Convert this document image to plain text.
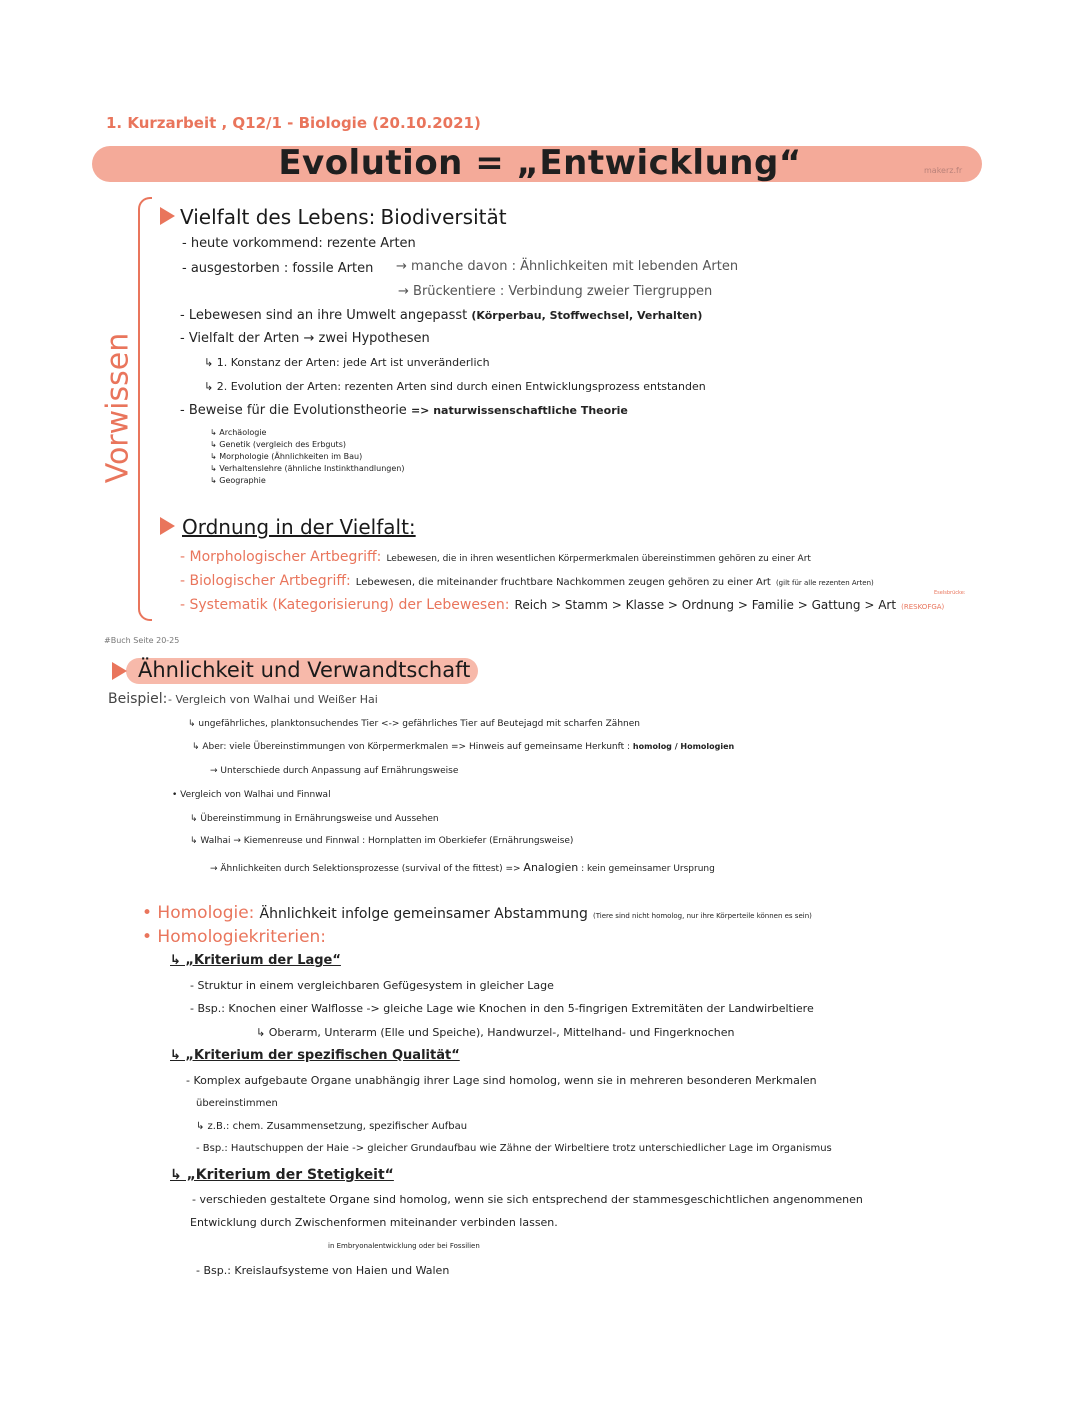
1. Kurzarbeit , Q12/1 - Biologie (20.10.2021)
Evolution = „Entwicklung“	makerz.fr
Vorwissen
Vielfalt des Lebens: Biodiversität
- heute vorkommend: rezente Arten
- ausgestorben : fossile Arten → manche davon : Ähnlichkeiten mit lebenden Arten
→ Brückentiere : Verbindung zweier Tiergruppen
- Lebewesen sind an ihre Umwelt angepasst (Körperbau, Stoffwechsel, Verhalten)
- Vielfalt der Arten → zwei Hypothesen
↳ 1. Konstanz der Arten: jede Art ist unveränderlich
↳ 2. Evolution der Arten: rezenten Arten sind durch einen Entwicklungsprozess entstanden
- Beweise für die Evolutionstheorie => naturwissenschaftliche Theorie
↳ Archäologie
↳ Genetik (vergleich des Erbguts)
↳ Morphologie (Ähnlichkeiten im Bau)
↳ Verhaltenslehre (ähnliche Instinkthandlungen)
↳ Geographie
Ordnung in der Vielfalt:
- Morphologischer Artbegriff: Lebewesen, die in ihren wesentlichen Körpermerkmalen übereinstimmen gehören zu einer Art
- Biologischer Artbegriff: Lebewesen, die miteinander fruchtbare Nachkommen zeugen gehören zu einer Art (gilt für alle rezenten Arten)
- Systematik (Kategorisierung) der Lebewesen: Reich > Stamm > Klasse > Ordnung > Familie > Gattung > Art (RESKOFGA)
Eselsbrücke:
#Buch Seite 20-25
Ähnlichkeit und Verwandtschaft
Beispiel: - Vergleich von Walhai und Weißer Hai
↳ ungefährliches, planktonsuchendes Tier <-> gefährliches Tier auf Beutejagd mit scharfen Zähnen
↳ Aber: viele Übereinstimmungen von Körpermerkmalen => Hinweis auf gemeinsame Herkunft : homolog / Homologien
→ Unterschiede durch Anpassung auf Ernährungsweise
• Vergleich von Walhai und Finnwal
↳ Übereinstimmung in Ernährungsweise und Aussehen
↳ Walhai → Kiemenreuse und Finnwal : Hornplatten im Oberkiefer (Ernährungsweise)
→ Ähnlichkeiten durch Selektionsprozesse (survival of the fittest) => Analogien : kein gemeinsamer Ursprung
• Homologie: Ähnlichkeit infolge gemeinsamer Abstammung (Tiere sind nicht homolog, nur ihre Körperteile können es sein)
• Homologiekriterien:
↳ „Kriterium der Lage“
- Struktur in einem vergleichbaren Gefügesystem in gleicher Lage
- Bsp.: Knochen einer Walflosse -> gleiche Lage wie Knochen in den 5-fingrigen Extremitäten der Landwirbeltiere
↳ Oberarm, Unterarm (Elle und Speiche), Handwurzel-, Mittelhand- und Fingerknochen
↳ „Kriterium der spezifischen Qualität“
- Komplex aufgebaute Organe unabhängig ihrer Lage sind homolog, wenn sie in mehreren besonderen Merkmalen
übereinstimmen
↳ z.B.: chem. Zusammensetzung, spezifischer Aufbau
- Bsp.: Hautschuppen der Haie -> gleicher Grundaufbau wie Zähne der Wirbeltiere trotz unterschiedlicher Lage im Organismus
↳ „Kriterium der Stetigkeit“
- verschieden gestaltete Organe sind homolog, wenn sie sich entsprechend der stammesgeschichtlichen angenommenen
Entwicklung durch Zwischenformen miteinander verbinden lassen.
in Embryonalentwicklung oder bei Fossilien
- Bsp.: Kreislaufsysteme von Haien und Walen
